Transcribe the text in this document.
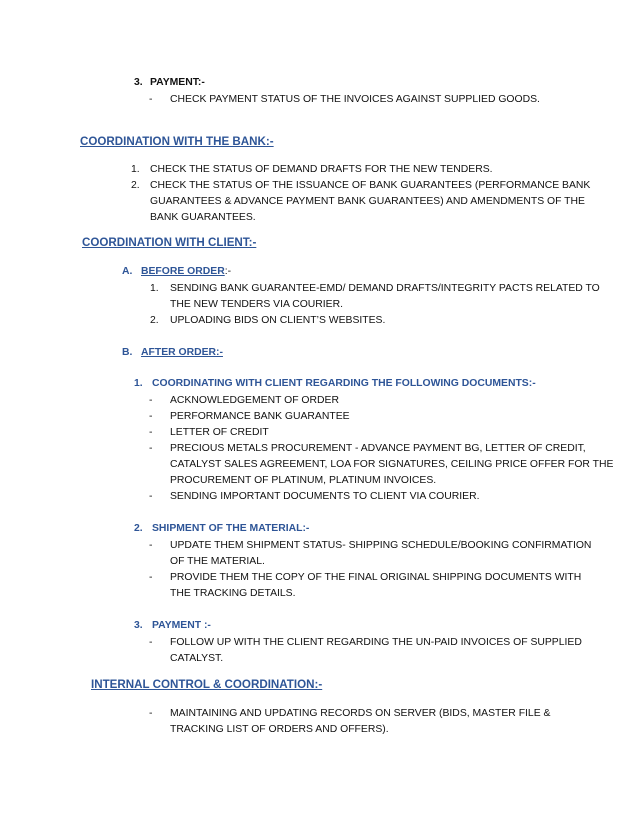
3. PAYMENT:-
- CHECK PAYMENT STATUS OF THE INVOICES AGAINST SUPPLIED GOODS.
COORDINATION WITH THE BANK:-
1. CHECK THE STATUS OF DEMAND DRAFTS FOR THE NEW TENDERS.
2. CHECK THE STATUS OF THE ISSUANCE OF BANK GUARANTEES (PERFORMANCE BANK
GUARANTEES & ADVANCE PAYMENT BANK GUARANTEES) AND AMENDMENTS OF THE
BANK GUARANTEES.
COORDINATION WITH CLIENT:-
A. BEFORE ORDER:-
1. SENDING BANK GUARANTEE-EMD/ DEMAND DRAFTS/INTEGRITY PACTS RELATED TO
THE NEW TENDERS VIA COURIER.
2. UPLOADING BIDS ON CLIENT’S WEBSITES.
B. AFTER ORDER:-
1. COORDINATING WITH CLIENT REGARDING THE FOLLOWING DOCUMENTS:-
- ACKNOWLEDGEMENT OF ORDER
- PERFORMANCE BANK GUARANTEE
- LETTER OF CREDIT
- PRECIOUS METALS PROCUREMENT - ADVANCE PAYMENT BG, LETTER OF CREDIT,
CATALYST SALES AGREEMENT, LOA FOR SIGNATURES, CEILING PRICE OFFER FOR THE
PROCUREMENT OF PLATINUM, PLATINUM INVOICES.
- SENDING IMPORTANT DOCUMENTS TO CLIENT VIA COURIER.
2. SHIPMENT OF THE MATERIAL:-
- UPDATE THEM SHIPMENT STATUS- SHIPPING SCHEDULE/BOOKING CONFIRMATION
OF THE MATERIAL.
- PROVIDE THEM THE COPY OF THE FINAL ORIGINAL SHIPPING DOCUMENTS WITH
THE TRACKING DETAILS.
3. PAYMENT :-
- FOLLOW UP WITH THE CLIENT REGARDING THE UN-PAID INVOICES OF SUPPLIED
CATALYST.
INTERNAL CONTROL & COORDINATION:-
- MAINTAINING AND UPDATING RECORDS ON SERVER (BIDS, MASTER FILE &
TRACKING LIST OF ORDERS AND OFFERS).
